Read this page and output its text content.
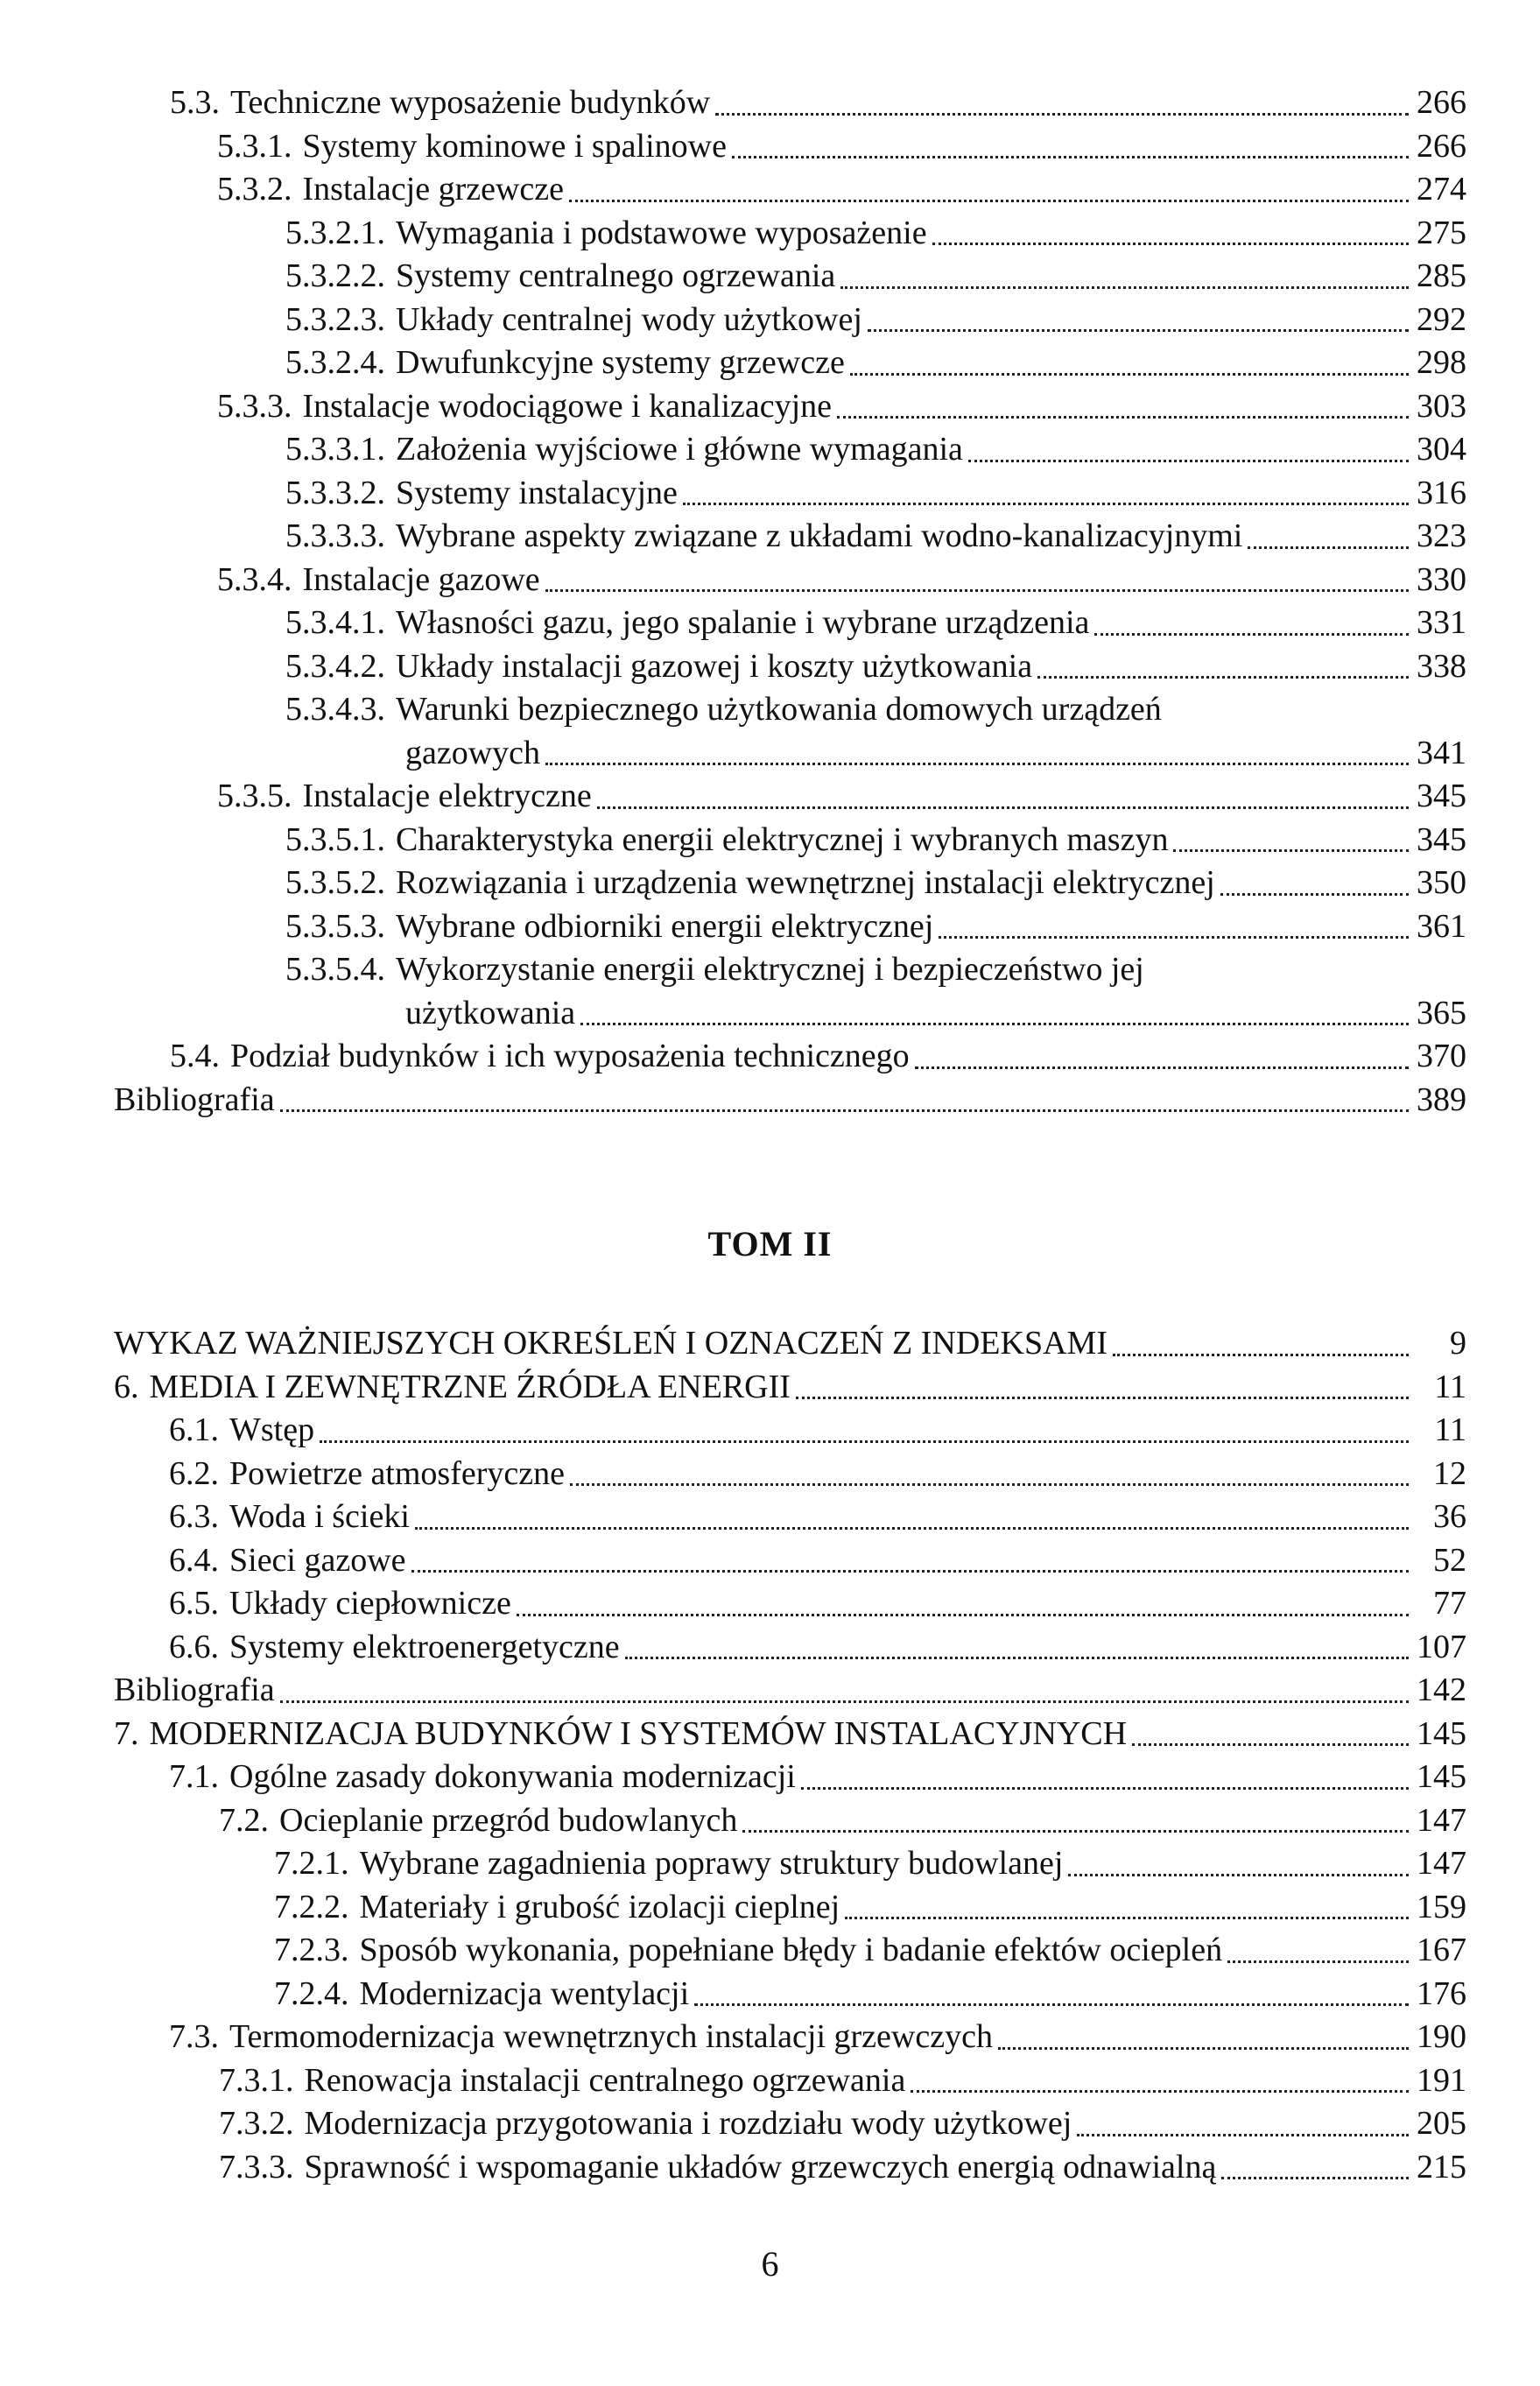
5.3. Techniczne wyposażenie budynków	266
5.3.1. Systemy kominowe i spalinowe	266
5.3.2. Instalacje grzewcze	274
5.3.2.1. Wymagania i podstawowe wyposażenie	275
5.3.2.2. Systemy centralnego ogrzewania	285
5.3.2.3. Układy centralnej wody użytkowej	292
5.3.2.4. Dwufunkcyjne systemy grzewcze	298
5.3.3. Instalacje wodociągowe i kanalizacyjne	303
5.3.3.1. Założenia wyjściowe i główne wymagania	304
5.3.3.2. Systemy instalacyjne	316
5.3.3.3. Wybrane aspekty związane z układami wodno-kanalizacyjnymi	323
5.3.4. Instalacje gazowe	330
5.3.4.1. Własności gazu, jego spalanie i wybrane urządzenia	331
5.3.4.2. Układy instalacji gazowej i koszty użytkowania	338
5.3.4.3. Warunki bezpiecznego użytkowania domowych urządzeń
gazowych	341
5.3.5. Instalacje elektryczne	345
5.3.5.1. Charakterystyka energii elektrycznej i wybranych maszyn	345
5.3.5.2. Rozwiązania i urządzenia wewnętrznej instalacji elektrycznej	350
5.3.5.3. Wybrane odbiorniki energii elektrycznej	361
5.3.5.4. Wykorzystanie energii elektrycznej i bezpieczeństwo jej
użytkowania	365
5.4. Podział budynków i ich wyposażenia technicznego	370
Bibliografia	389
TOM II
WYKAZ WAŻNIEJSZYCH OKREŚLEŃ I OZNACZEŃ Z INDEKSAMI	9
6. MEDIA I ZEWNĘTRZNE ŹRÓDŁA ENERGII	11
6.1. Wstęp	11
6.2. Powietrze atmosferyczne	12
6.3. Woda i ścieki	36
6.4. Sieci gazowe	52
6.5. Układy ciepłownicze	77
6.6. Systemy elektroenergetyczne	107
Bibliografia	142
7. MODERNIZACJA BUDYNKÓW I SYSTEMÓW INSTALACYJNYCH	145
7.1. Ogólne zasady dokonywania modernizacji	145
7.2. Ocieplanie przegród budowlanych	147
7.2.1. Wybrane zagadnienia poprawy struktury budowlanej	147
7.2.2. Materiały i grubość izolacji cieplnej	159
7.2.3. Sposób wykonania, popełniane błędy i badanie efektów ociepleń	167
7.2.4. Modernizacja wentylacji	176
7.3. Termomodernizacja wewnętrznych instalacji grzewczych	190
7.3.1. Renowacja instalacji centralnego ogrzewania	191
7.3.2. Modernizacja przygotowania i rozdziału wody użytkowej	205
7.3.3. Sprawność i wspomaganie układów grzewczych energią odnawialną	215
6
